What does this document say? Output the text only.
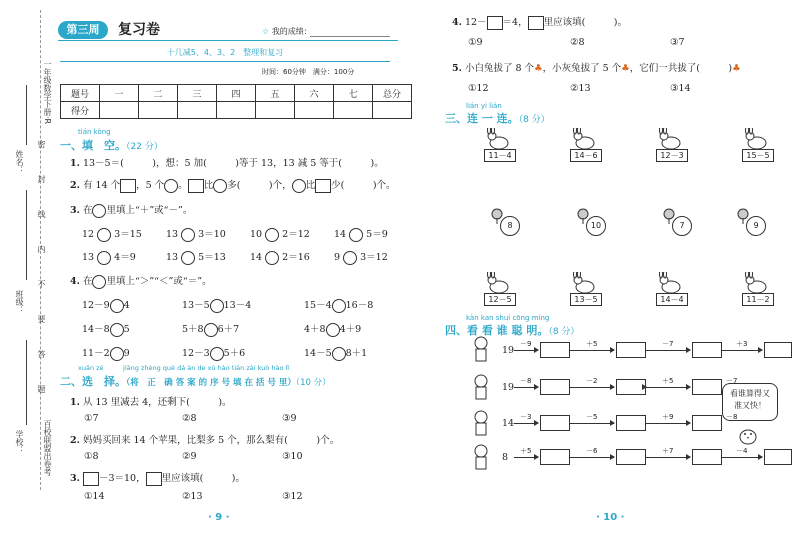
姓名：
班级：
学校：
一年级数学下册·R
百校联盟出卷考
密
封
线
内
不
要
答
题
第三周	复习卷	☆ 我的成绩：
十几减5、4、3、2　整理和复习
时间：60分钟　满分：100分
题号	一	二	三	四	五	六	七	总分
得分								
tián kòng
一、填　空。（22 分）
1. 13－5＝(　　　)，想：5 加(　　　)等于 13，13 减 5 等于(　　　)。
2. 有 14 个 ，5 个 。 比 多(　　　)个， 比 少(　　　)个。
3. 在 里填上“＋”或“－”。
12 3＝15	13 3＝10	10 2＝12	14 5＝9
13 4＝9	13 5＝13	14 2＝16	9 3＝12
4. 在 里填上“＞”“＜”或“＝”。
12－9 4	13－5 13－4	15－4 16－8
14－8 5	5＋8 6＋7	4＋8 4＋9
11－2 9	12－3 5＋6	14－5 8＋1
xuǎn zé　　　jiāng zhèng què dá àn de xù hào tián zài kuò hào lǐ
二、选　择。（将　正　确 答 案 的 序 号 填 在 括 号 里）（10 分）
1. 从 13 里减去 4，还剩下(　　　)。
①7	②8	③9
2. 妈妈买回来 14 个苹果，比梨多 5 个，那么梨有(　　　)个。
①8	②9	③10
3. －3＝10， 里应该填(　　　)。
①14	②13	③12
· 9 ·
4. 12－ ＝4， 里应该填(　　　)。
①9	②8	③7
5. 小白兔拔了 8 个♣，小灰兔拔了 5 个♣，它们一共拔了(　　　)♣
①12	②13	③14
lián yi lián
三、连 一 连。（8 分）
11－4	14－6	12－3	15－5
8	10	7	9
12－5	13－5	14－4	11－2
kàn kan shuí cōng míng
四、看 看 谁 聪 明。（8 分）
19
－9	＋5	－7	＋3
19
－8	－2	＋5	－7
14
－3	－5	＋9	－8
8
＋5	－6	＋7	－4
看谁算得又
准又快！
· 10 ·
